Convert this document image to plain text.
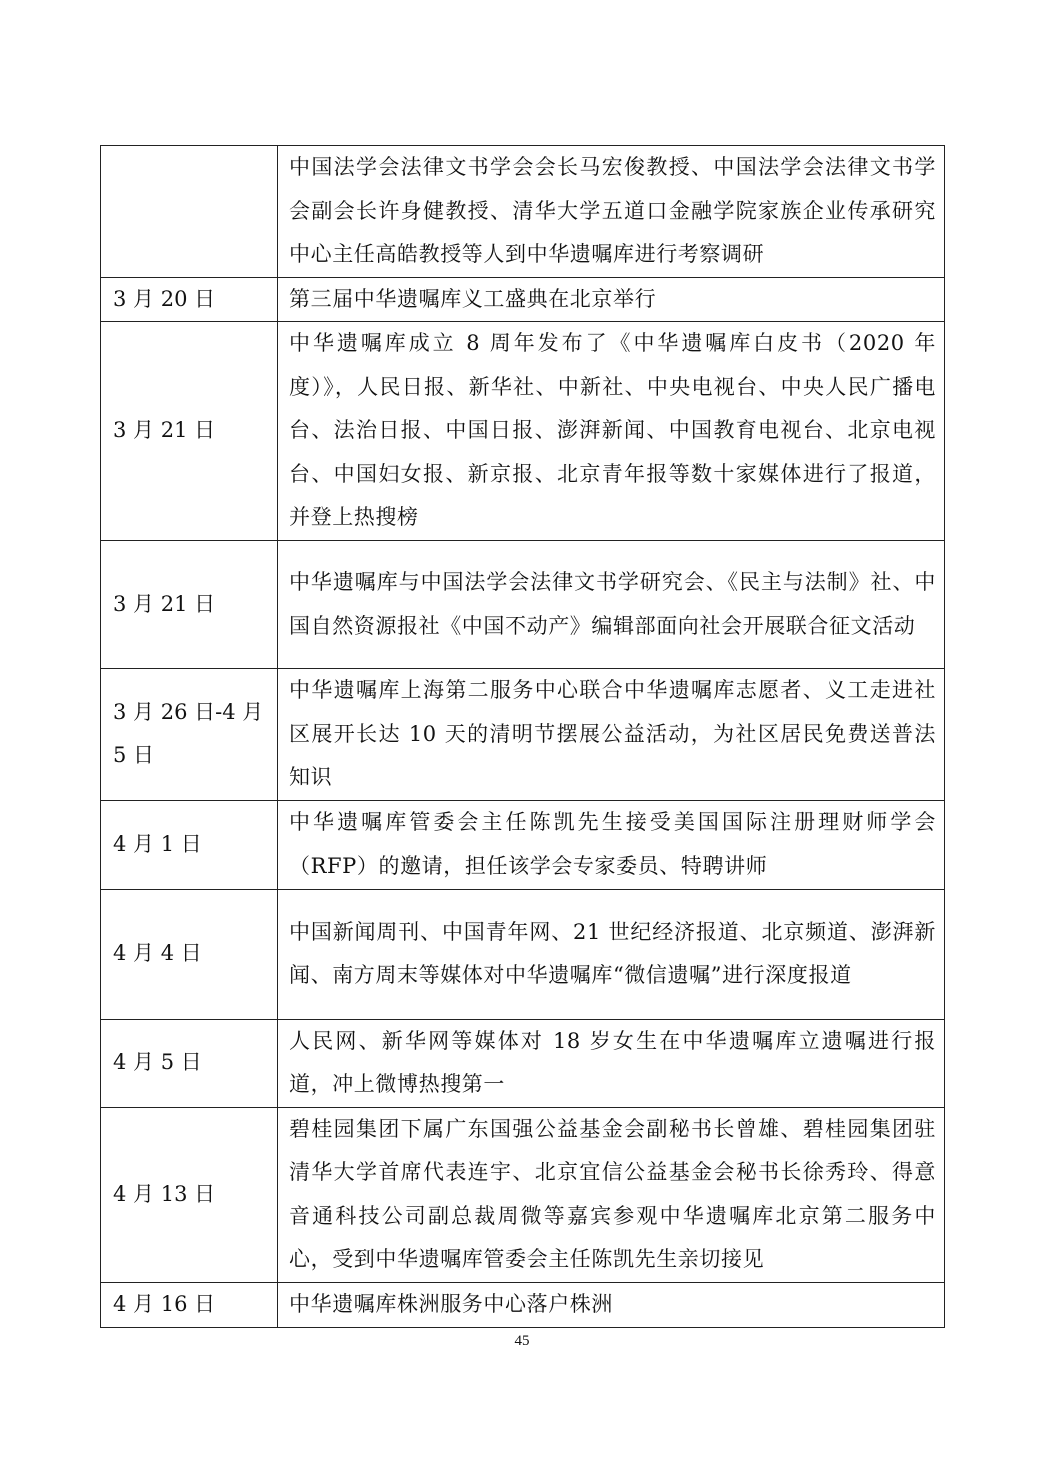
	中国法学会法律文书学会会长马宏俊教授、中国法学会法律文书学会副会长许身健教授、清华大学五道口金融学院家族企业传承研究中心主任高皓教授等人到中华遗嘱库进行考察调研
3 月 20 日	第三届中华遗嘱库义工盛典在北京举行
3 月 21 日	中华遗嘱库成立 8 周年发布了《中华遗嘱库白皮书（2020 年度）》，人民日报、新华社、中新社、中央电视台、中央人民广播电台、法治日报、中国日报、澎湃新闻、中国教育电视台、北京电视台、中国妇女报、新京报、北京青年报等数十家媒体进行了报道，并登上热搜榜
3 月 21 日	中华遗嘱库与中国法学会法律文书学研究会、《民主与法制》社、中国自然资源报社《中国不动产》编辑部面向社会开展联合征文活动
3 月 26 日-4 月 5 日	中华遗嘱库上海第二服务中心联合中华遗嘱库志愿者、义工走进社区展开长达 10 天的清明节摆展公益活动，为社区居民免费送普法知识
4 月 1 日	中华遗嘱库管委会主任陈凯先生接受美国国际注册理财师学会（RFP）的邀请，担任该学会专家委员、特聘讲师
4 月 4 日	中国新闻周刊、中国青年网、21 世纪经济报道、北京频道、澎湃新闻、南方周末等媒体对中华遗嘱库“微信遗嘱”进行深度报道
4 月 5 日	人民网、新华网等媒体对 18 岁女生在中华遗嘱库立遗嘱进行报道，冲上微博热搜第一
4 月 13 日	碧桂园集团下属广东国强公益基金会副秘书长曾雄、碧桂园集团驻清华大学首席代表连宇、北京宜信公益基金会秘书长徐秀玲、得意音通科技公司副总裁周微等嘉宾参观中华遗嘱库北京第二服务中心，受到中华遗嘱库管委会主任陈凯先生亲切接见
4 月 16 日	中华遗嘱库株洲服务中心落户株洲
45
